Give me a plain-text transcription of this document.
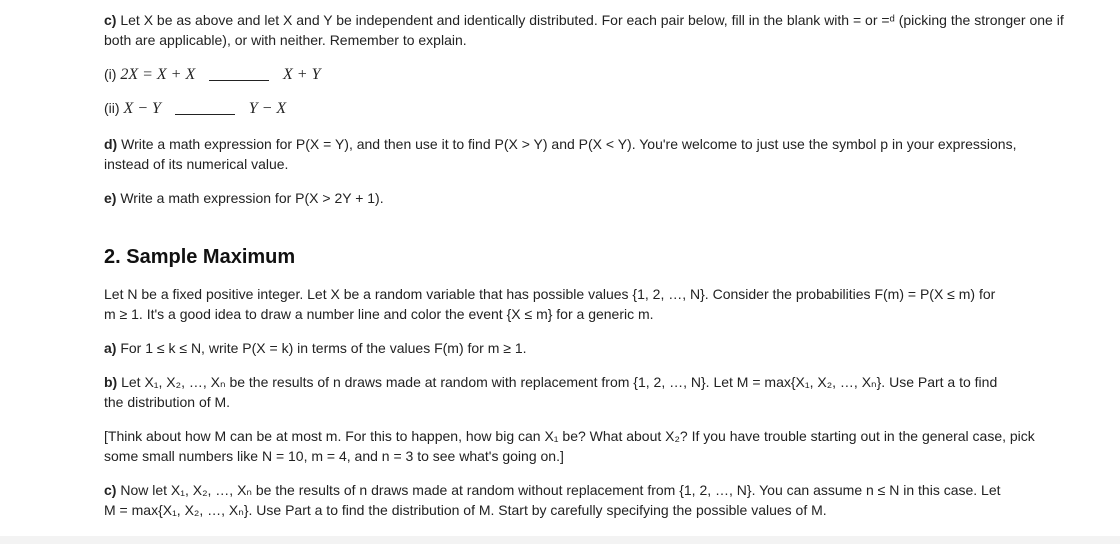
c) Let X be as above and let X and Y be independent and identically distributed. For each pair below, fill in the blank with = or =ᵈ (picking the stronger one if
both are applicable), or with neither. Remember to explain.
(i) 2X = X + X	X + Y
(ii) X − Y	Y − X
d) Write a math expression for P(X = Y), and then use it to find P(X > Y) and P(X < Y). You're welcome to just use the symbol p in your expressions,
instead of its numerical value.
e) Write a math expression for P(X > 2Y + 1).
2. Sample Maximum
Let N be a fixed positive integer. Let X be a random variable that has possible values {1, 2, …, N}. Consider the probabilities F(m) = P(X ≤ m) for
m ≥ 1. It's a good idea to draw a number line and color the event {X ≤ m} for a generic m.
a) For 1 ≤ k ≤ N, write P(X = k) in terms of the values F(m) for m ≥ 1.
b) Let X₁, X₂, …, Xₙ be the results of n draws made at random with replacement from {1, 2, …, N}. Let M = max{X₁, X₂, …, Xₙ}. Use Part a to find
the distribution of M.
[Think about how M can be at most m. For this to happen, how big can X₁ be? What about X₂? If you have trouble starting out in the general case, pick
some small numbers like N = 10, m = 4, and n = 3 to see what's going on.]
c) Now let X₁, X₂, …, Xₙ be the results of n draws made at random without replacement from {1, 2, …, N}. You can assume n ≤ N in this case. Let
M = max{X₁, X₂, …, Xₙ}. Use Part a to find the distribution of M. Start by carefully specifying the possible values of M.
